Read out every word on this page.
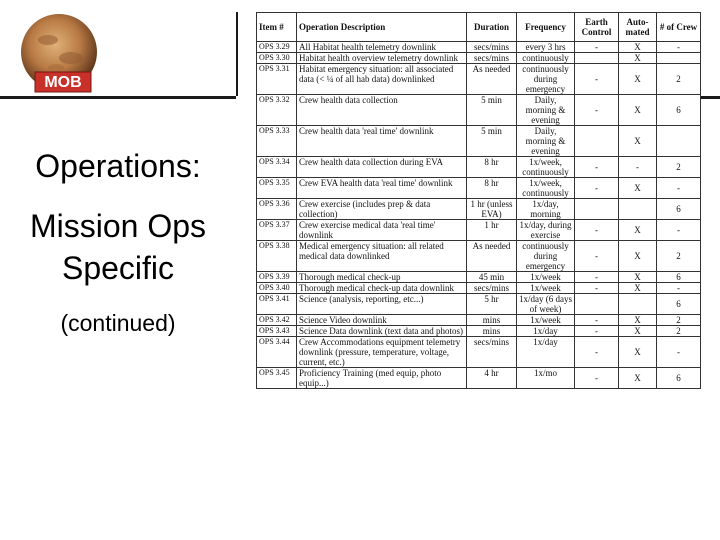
MOB
Operations:
Mission Ops
Specific
(continued)
Item #	Operation Description	Duration	Frequency	Earth Control	Auto- mated	# of Crew
OPS 3.29	All Habitat health telemetry downlink	secs/mins	every 3 hrs	-	X	-
OPS 3.30	Habitat health overview telemetry downlink	secs/mins	continuously		X	
OPS 3.31	Habitat emergency situation: all associated data (< ¼ of all hab data) downlinked	As needed	continuously during emergency	-	X	2
OPS 3.32	Crew health data collection	5 min	Daily, morning & evening	-	X	6
OPS 3.33	Crew health data 'real time' downlink	5 min	Daily, morning & evening		X	
OPS 3.34	Crew health data collection during EVA	8 hr	1x/week, continuously	-	-	2
OPS 3.35	Crew EVA health data 'real time' downlink	8 hr	1x/week, continuously	-	X	-
OPS 3.36	Crew exercise (includes prep & data collection)	1 hr (unless EVA)	1x/day, morning			6
OPS 3.37	Crew exercise medical data 'real time' downlink	1 hr	1x/day, during exercise	-	X	-
OPS 3.38	Medical emergency situation: all related medical data downlinked	As needed	continuously during emergency	-	X	2
OPS 3.39	Thorough medical check-up	45 min	1x/week	-	X	6
OPS 3.40	Thorough medical check-up data downlink	secs/mins	1x/week	-	X	-
OPS 3.41	Science (analysis, reporting, etc...)	5 hr	1x/day (6 days of week)			6
OPS 3.42	Science Video downlink	mins	1x/week	-	X	2
OPS 3.43	Science Data downlink (text data and photos)	mins	1x/day	-	X	2
OPS 3.44	Crew Accommodations equipment telemetry downlink (pressure, temperature, voltage, current, etc.)	secs/mins	1x/day	-	X	-
OPS 3.45	Proficiency Training (med equip, photo equip...)	4 hr	1x/mo	-	X	6
